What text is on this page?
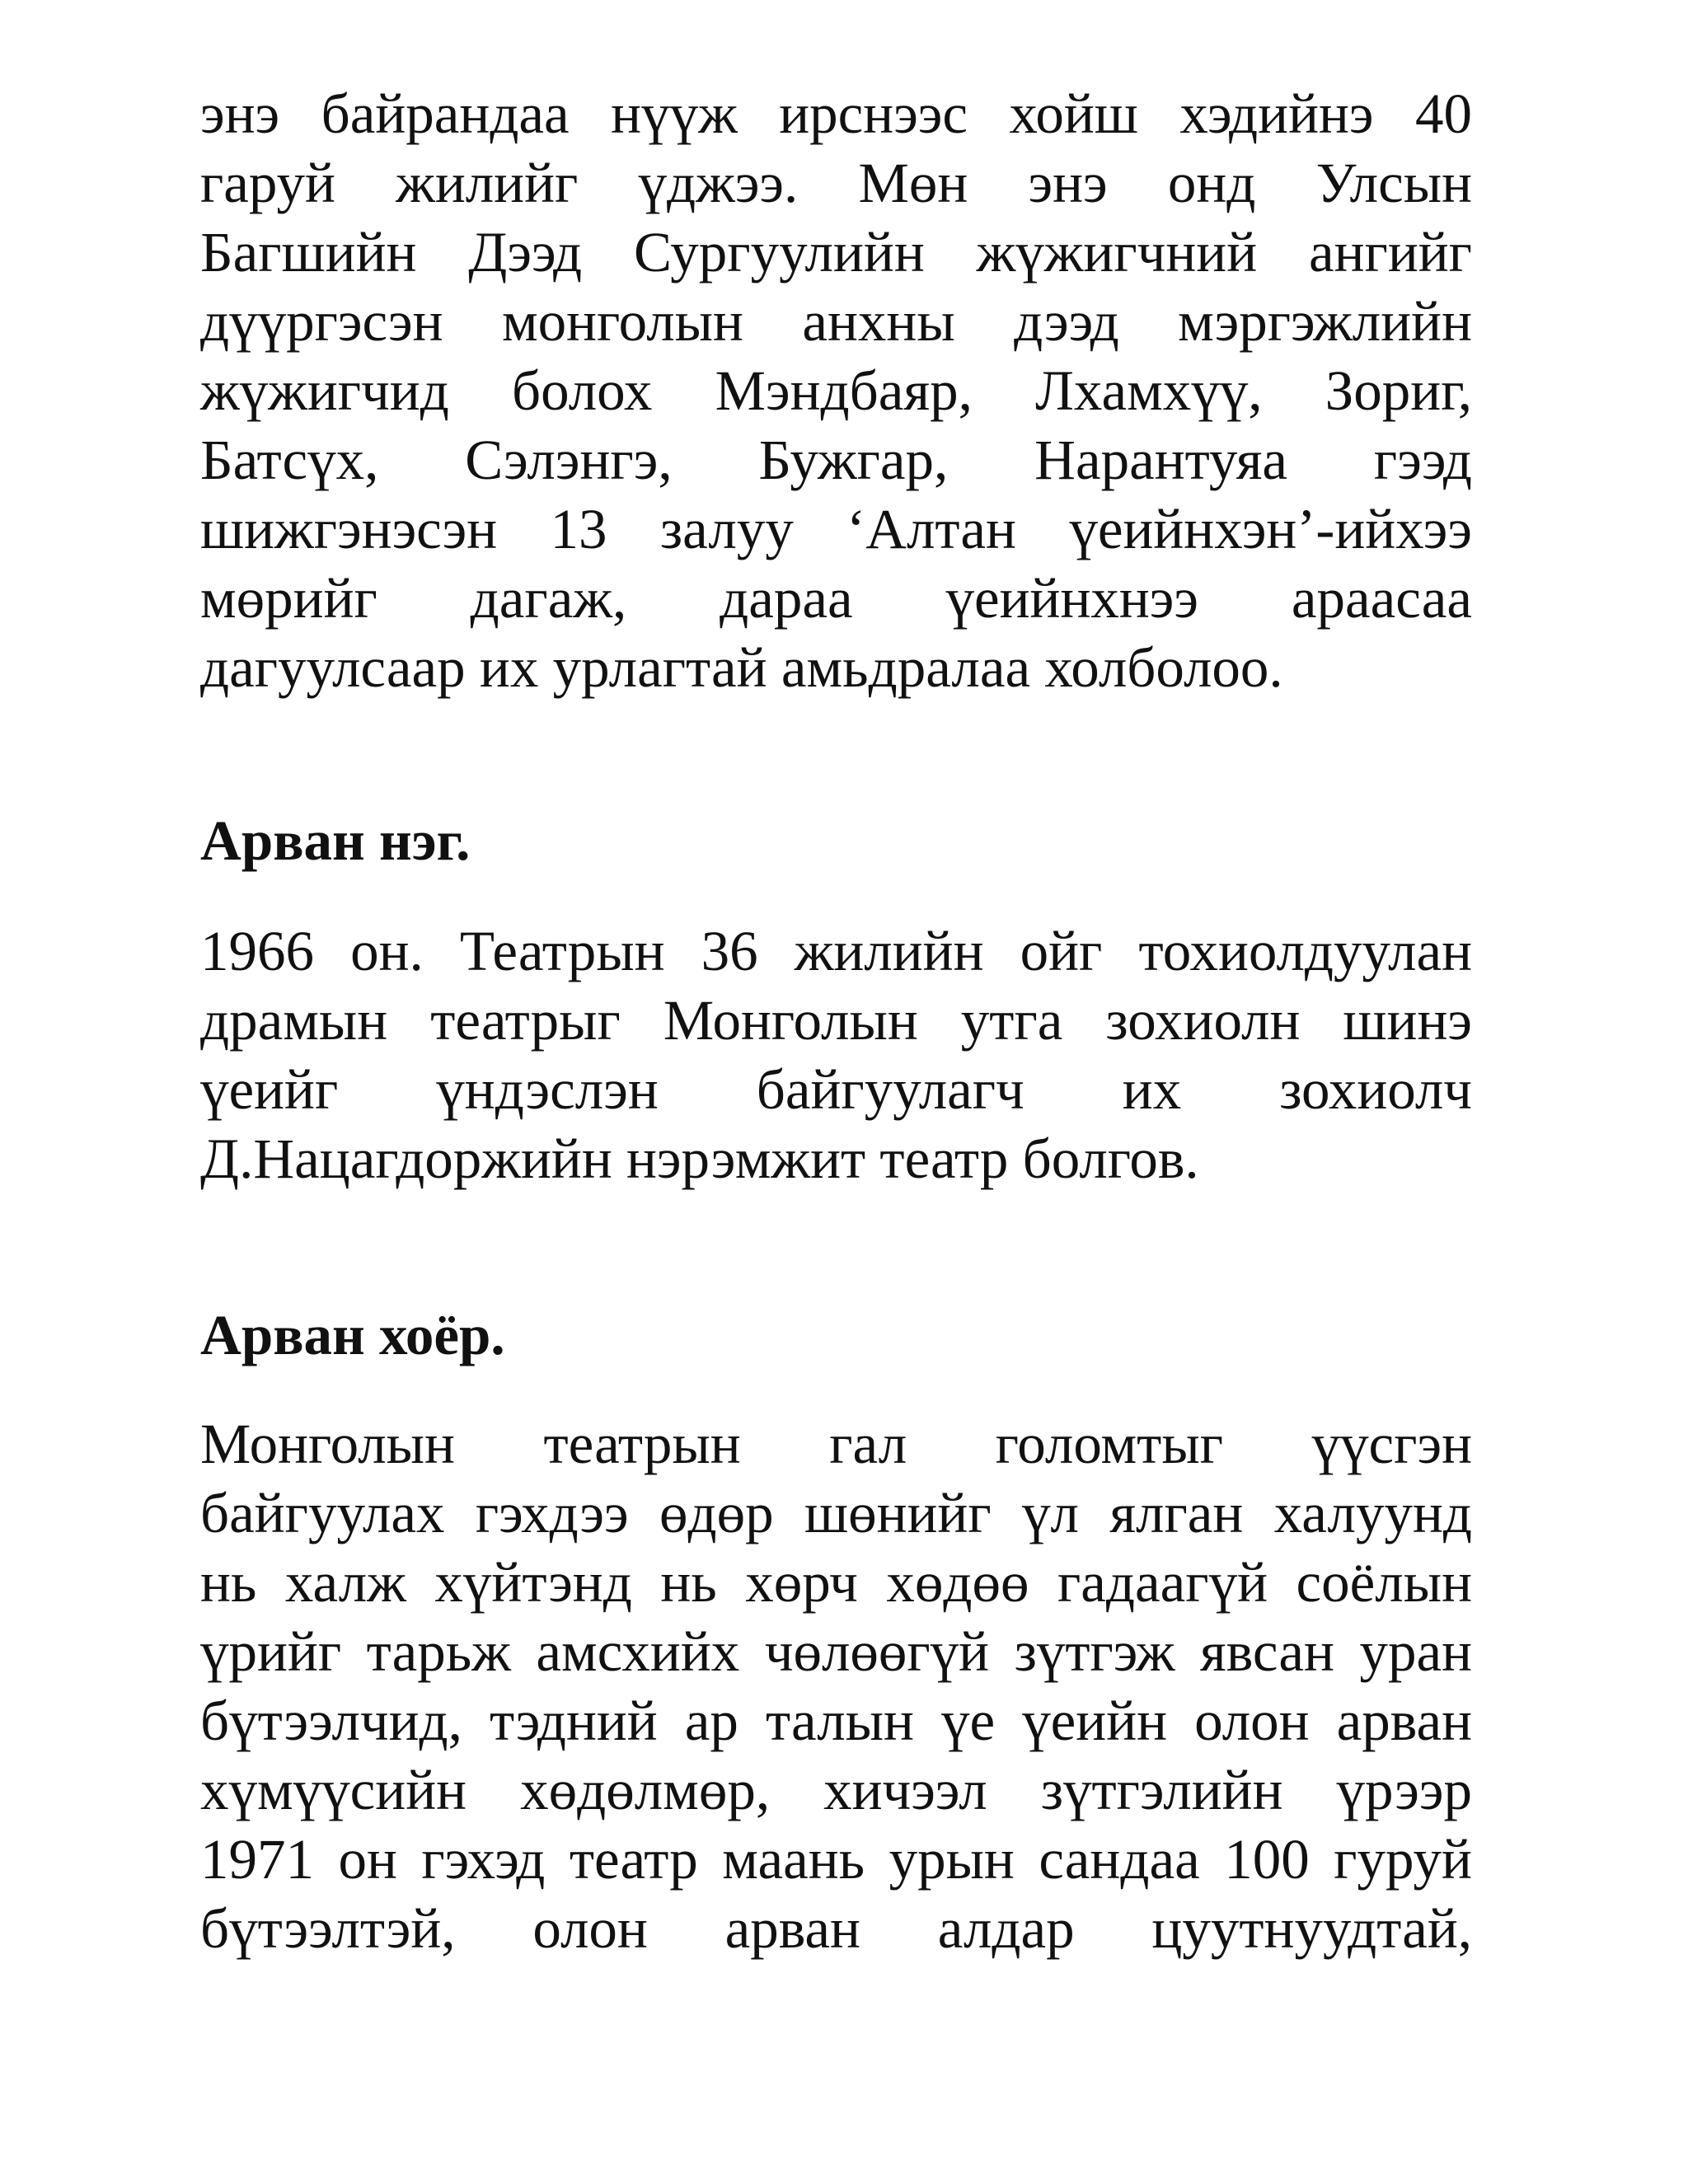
энэ байрандаа нүүж ирснээс хойш хэдийнэ 40
гаруй жилийг үджээ. Мөн энэ онд Улсын
Багшийн Дээд Сургуулийн жүжигчний ангийг
дүүргэсэн монголын анхны дээд мэргэжлийн
жүжигчид болох Мэндбаяр, Лхамхүү, Зориг,
Батсүх, Сэлэнгэ, Бужгар, Нарантуяа гээд
шижгэнэсэн 13 залуу ‘Алтан үеийнхэн’-ийхээ
мөрийг дагаж, дараа үеийнхнээ араасаа
дагуулсаар их урлагтай амьдралаа холболоо.
Арван нэг.
1966 он. Театрын 36 жилийн ойг тохиолдуулан
драмын театрыг Монголын утга зохиолн шинэ
үеийг үндэслэн байгуулагч их зохиолч
Д.Нацагдоржийн нэрэмжит театр болгов.
Арван хоёр.
Монголын театрын гал голомтыг үүсгэн
байгуулах гэхдээ өдөр шөнийг үл ялган халуунд
нь халж хүйтэнд нь хөрч хөдөө гадаагүй соёлын
үрийг тарьж амсхийх чөлөөгүй зүтгэж явсан уран
бүтээлчид, тэдний ар талын үе үеийн олон арван
хүмүүсийн хөдөлмөр, хичээл зүтгэлийн үрээр
1971 он гэхэд театр маань урын сандаа 100 гуруй
бүтээлтэй, олон арван алдар цуутнуудтай,
